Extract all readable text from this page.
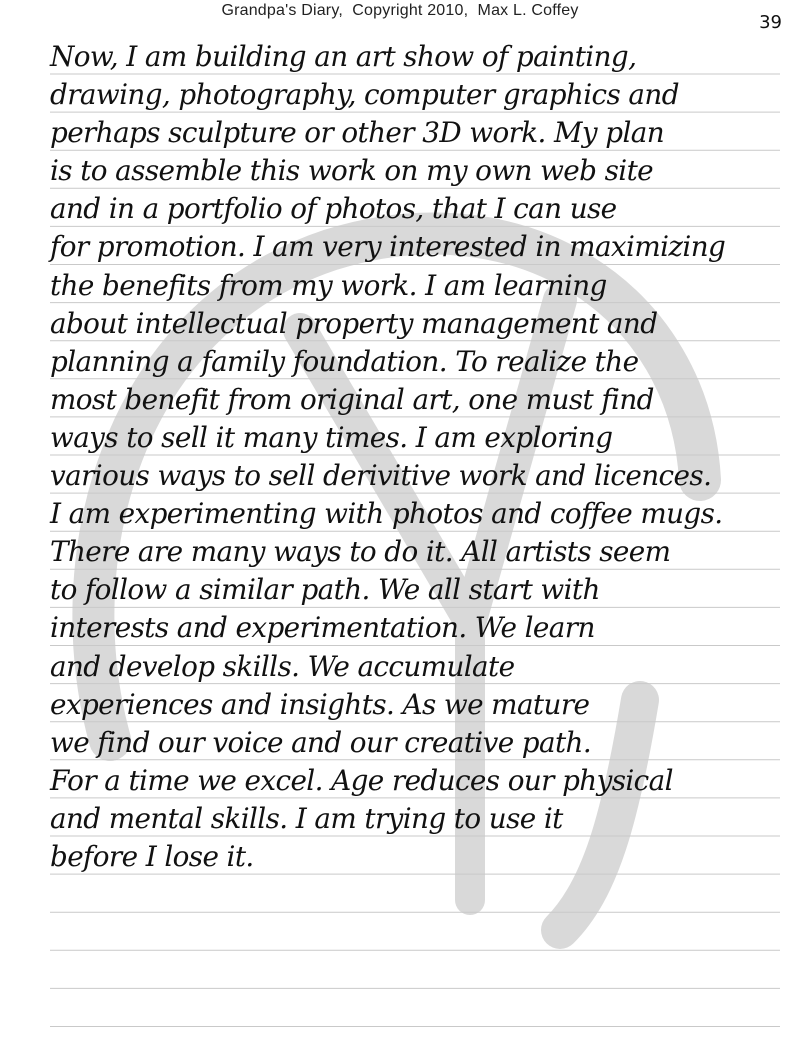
Grandpa's Diary,  Copyright 2010,  Max L. Coffey
39
Now, I am building an art show of painting,
drawing, photography, computer graphics and
perhaps sculpture or other 3D work. My plan
is to assemble this work on my own web site
and in a portfolio of photos, that I can use
for promotion. I am very interested in maximizing
the benefits from my work. I am learning
about intellectual property management and
planning a family foundation. To realize the
most benefit from original art, one must find
ways to sell it many times. I am exploring
various ways to sell derivitive work and licences.
I am experimenting with photos and coffee mugs.
There are many ways to do it. All artists seem
to follow a similar path. We all start with
interests and experimentation. We learn
and develop skills. We accumulate
experiences and insights. As we mature
we find our voice and our creative path.
For a time we excel. Age reduces our physical
and mental skills. I am trying to use it
before I lose it.
